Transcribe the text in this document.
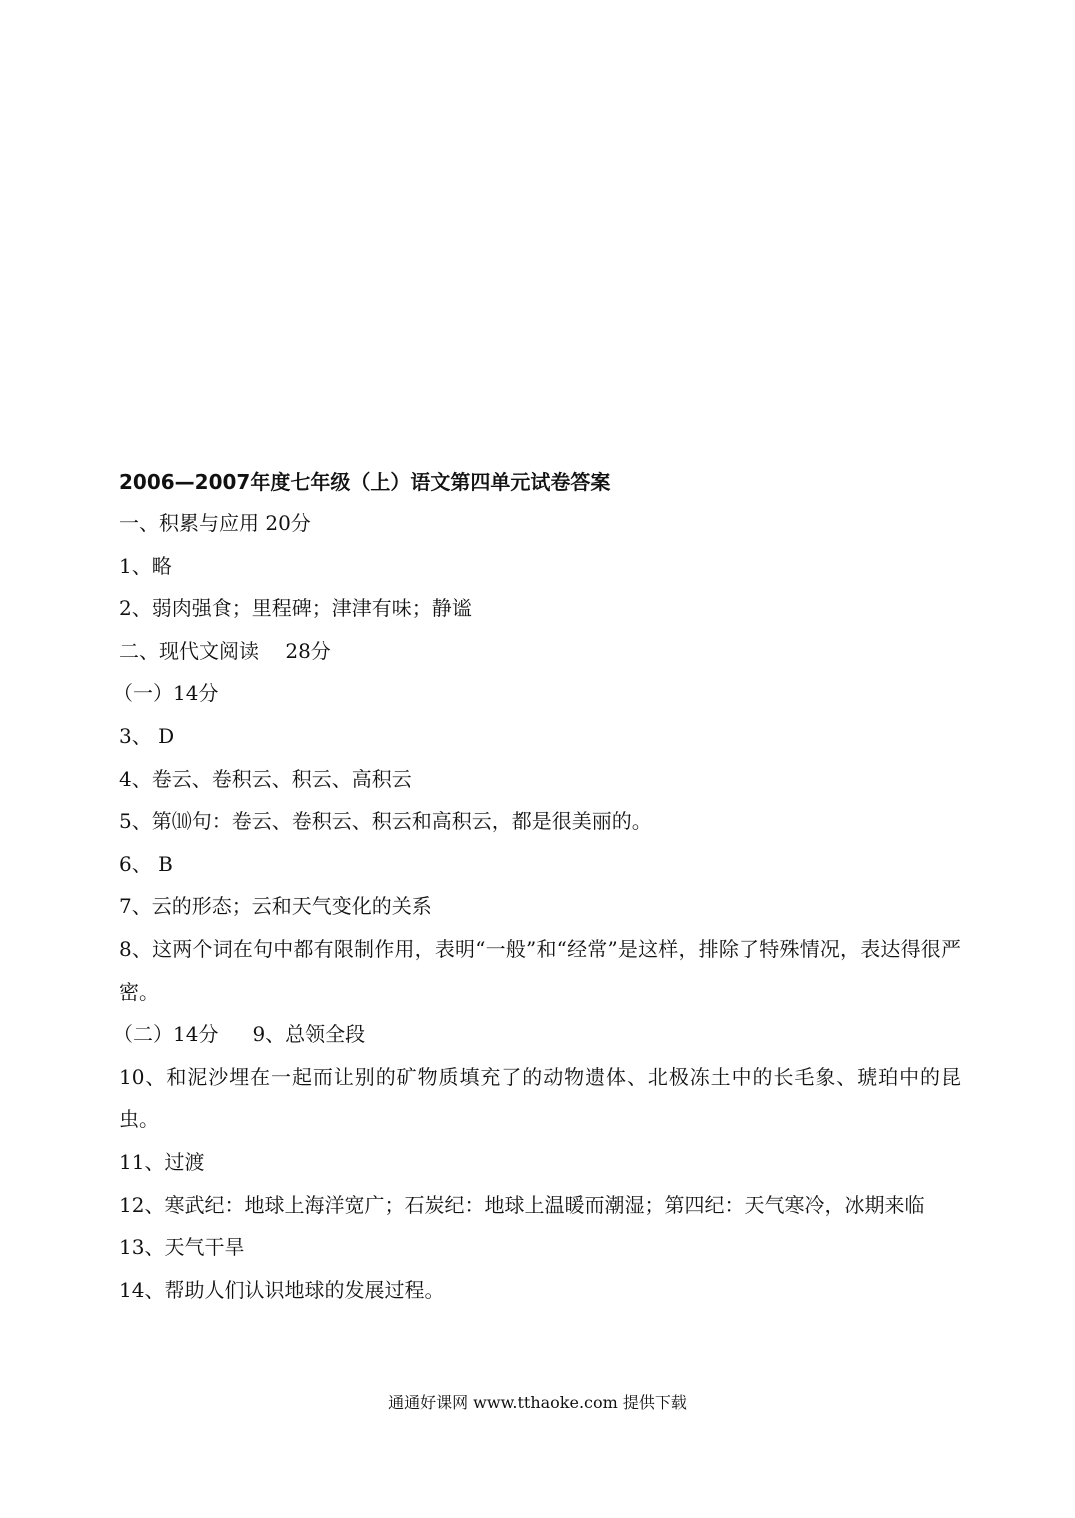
2006—2007年度七年级（上）语文第四单元试卷答案

一、积累与应用 20分

1、略

2、弱肉强食；里程碑；津津有味；静谧

二、现代文阅读　 28分

（一）14分

3、 D

4、卷云、卷积云、积云、高积云

5、第⑽句：卷云、卷积云、积云和高积云，都是很美丽的。

6、 B

7、云的形态；云和天气变化的关系

8、这两个词在句中都有限制作用，表明“一般”和“经常”是这样，排除了特殊情况，表达得很严密。

（二）14分 9、总领全段

10、和泥沙埋在一起而让别的矿物质填充了的动物遗体、北极冻土中的长毛象、琥珀中的昆虫。

11、过渡

12、寒武纪：地球上海洋宽广；石炭纪：地球上温暖而潮湿；第四纪：天气寒冷，冰期来临

13、天气干旱

14、帮助人们认识地球的发展过程。

通通好课网 www.tthaoke.com 提供下载
